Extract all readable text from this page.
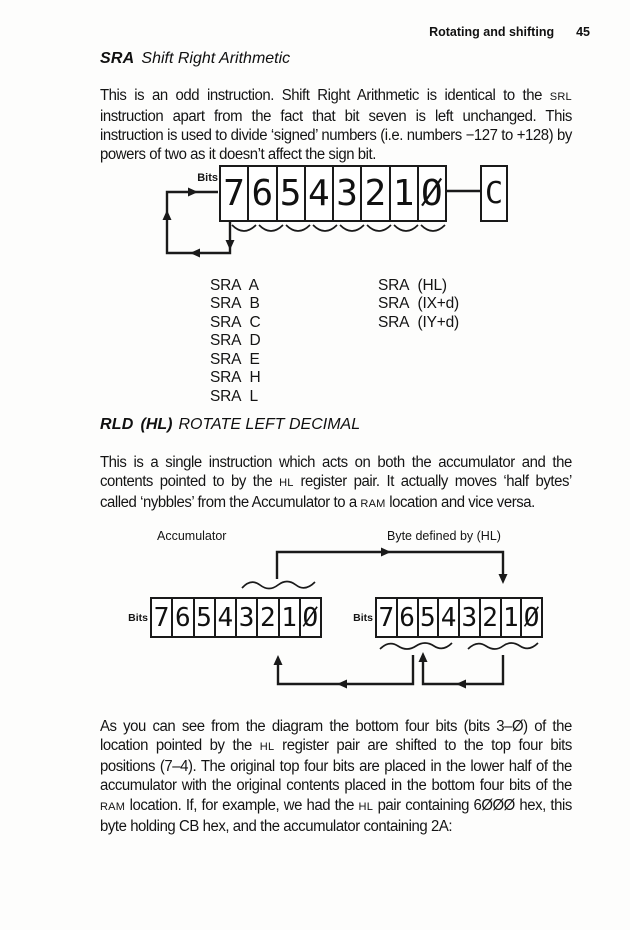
Rotating and shifting 45
SRA Shift Right Arithmetic

This is an odd instruction. Shift Right Arithmetic is identical to the SRL instruction apart from the fact that bit seven is left unchanged. This instruction is used to divide ‘signed’ numbers (i.e. numbers −127 to +128) by powers of two as it doesn’t affect the sign bit.

Bits 7 6 5 4 3 2 1 Ø C
SRA A
SRA B
SRA C
SRA D
SRA E
SRA H
SRA L
SRA (HL)
SRA (IX+d)
SRA (IY+d)
RLD (HL) ROTATE LEFT DECIMAL

This is a single instruction which acts on both the accumulator and the contents pointed to by the HL register pair. It actually moves ‘half bytes’ called ‘nybbles’ from the Accumulator to a RAM location and vice versa.

Accumulator	Byte defined by (HL)
Bits	Bits
7 6 5 4 3 2 1 Ø 7 6 5 4 3 2 1 Ø

As you can see from the diagram the bottom four bits (bits 3–Ø) of the location pointed by the HL register pair are shifted to the top four bits positions (7–4). The original top four bits are placed in the lower half of the accumulator with the original contents placed in the bottom four bits of the RAM location. If, for example, we had the HL pair containing 6ØØØ hex, this byte holding CB hex, and the accumulator containing 2A:
